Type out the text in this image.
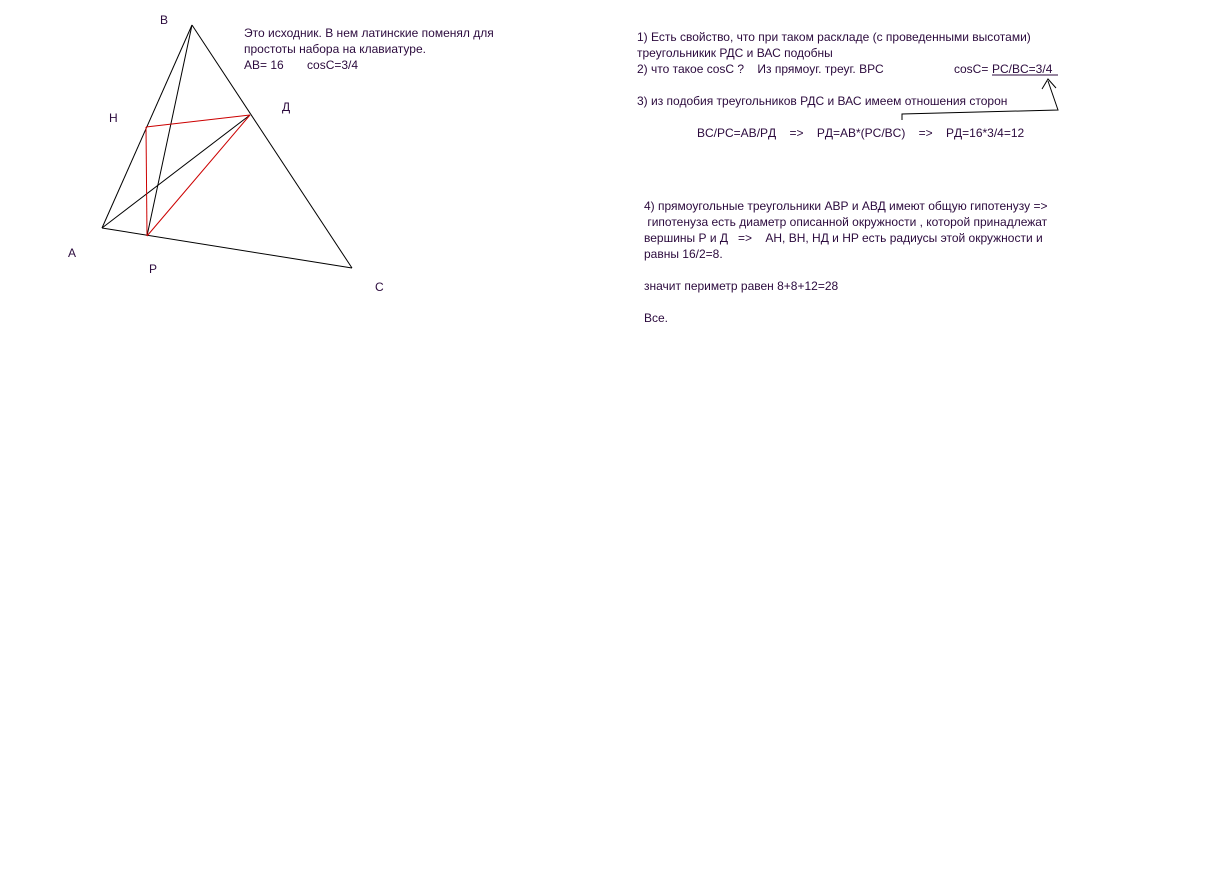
B
H
Д
A
P
C
Это исходник. В нем латинские поменял для
простоты набора на клавиатуре.
AB= 16       cosC=3/4
1) Есть свойство, что при таком раскладе (с проведенными высотами)
треугольникик РДС и ВАС подобны
2) что такое cosC ?    Из прямоуг. треуг. ВРС	cosC= PC/BC=3/4
3) из подобия треугольников РДС и ВАС имеем отношения сторон
BC/PC=AB/PД    =>    PД=AB*(PC/BC)    =>    PД=16*3/4=12
4) прямоугольные треугольники АВР и АВД имеют общую гипотенузу =>
гипотенуза есть диаметр описанной окружности , которой принадлежат
вершины Р и Д   =>    AH, BH, HД и HP есть радиусы этой окружности и
равны 16/2=8.
значит периметр равен 8+8+12=28
Все.
